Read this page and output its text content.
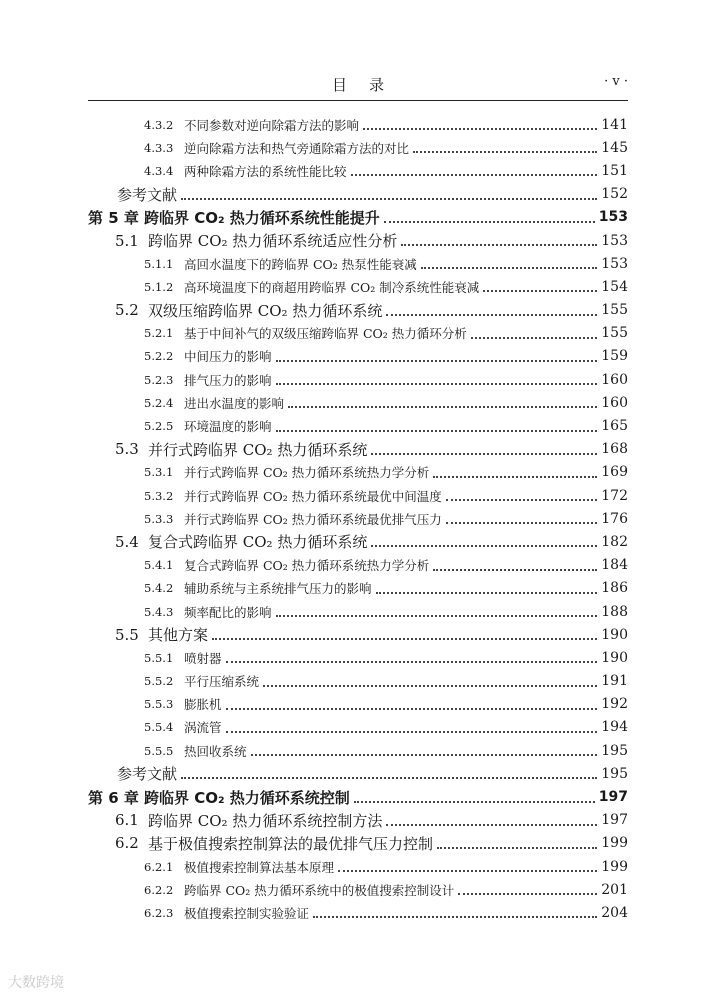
目录	· v ·
4.3.2 不同参数对逆向除霜方法的影响	141
4.3.3 逆向除霜方法和热气旁通除霜方法的对比	145
4.3.4 两种除霜方法的系统性能比较	151
参考文献	152
第 5 章 跨临界 CO₂ 热力循环系统性能提升	153
5.1 跨临界 CO₂ 热力循环系统适应性分析	153
5.1.1 高回水温度下的跨临界 CO₂ 热泵性能衰减	153
5.1.2 高环境温度下的商超用跨临界 CO₂ 制冷系统性能衰减	154
5.2 双级压缩跨临界 CO₂ 热力循环系统	155
5.2.1 基于中间补气的双级压缩跨临界 CO₂ 热力循环分析	155
5.2.2 中间压力的影响	159
5.2.3 排气压力的影响	160
5.2.4 进出水温度的影响	160
5.2.5 环境温度的影响	165
5.3 并行式跨临界 CO₂ 热力循环系统	168
5.3.1 并行式跨临界 CO₂ 热力循环系统热力学分析	169
5.3.2 并行式跨临界 CO₂ 热力循环系统最优中间温度	172
5.3.3 并行式跨临界 CO₂ 热力循环系统最优排气压力	176
5.4 复合式跨临界 CO₂ 热力循环系统	182
5.4.1 复合式跨临界 CO₂ 热力循环系统热力学分析	184
5.4.2 辅助系统与主系统排气压力的影响	186
5.4.3 频率配比的影响	188
5.5 其他方案	190
5.5.1 喷射器	190
5.5.2 平行压缩系统	191
5.5.3 膨胀机	192
5.5.4 涡流管	194
5.5.5 热回收系统	195
参考文献	195
第 6 章 跨临界 CO₂ 热力循环系统控制	197
6.1 跨临界 CO₂ 热力循环系统控制方法	197
6.2 基于极值搜索控制算法的最优排气压力控制	199
6.2.1 极值搜索控制算法基本原理	199
6.2.2 跨临界 CO₂ 热力循环系统中的极值搜索控制设计	201
6.2.3 极值搜索控制实验验证	204
大数跨境
